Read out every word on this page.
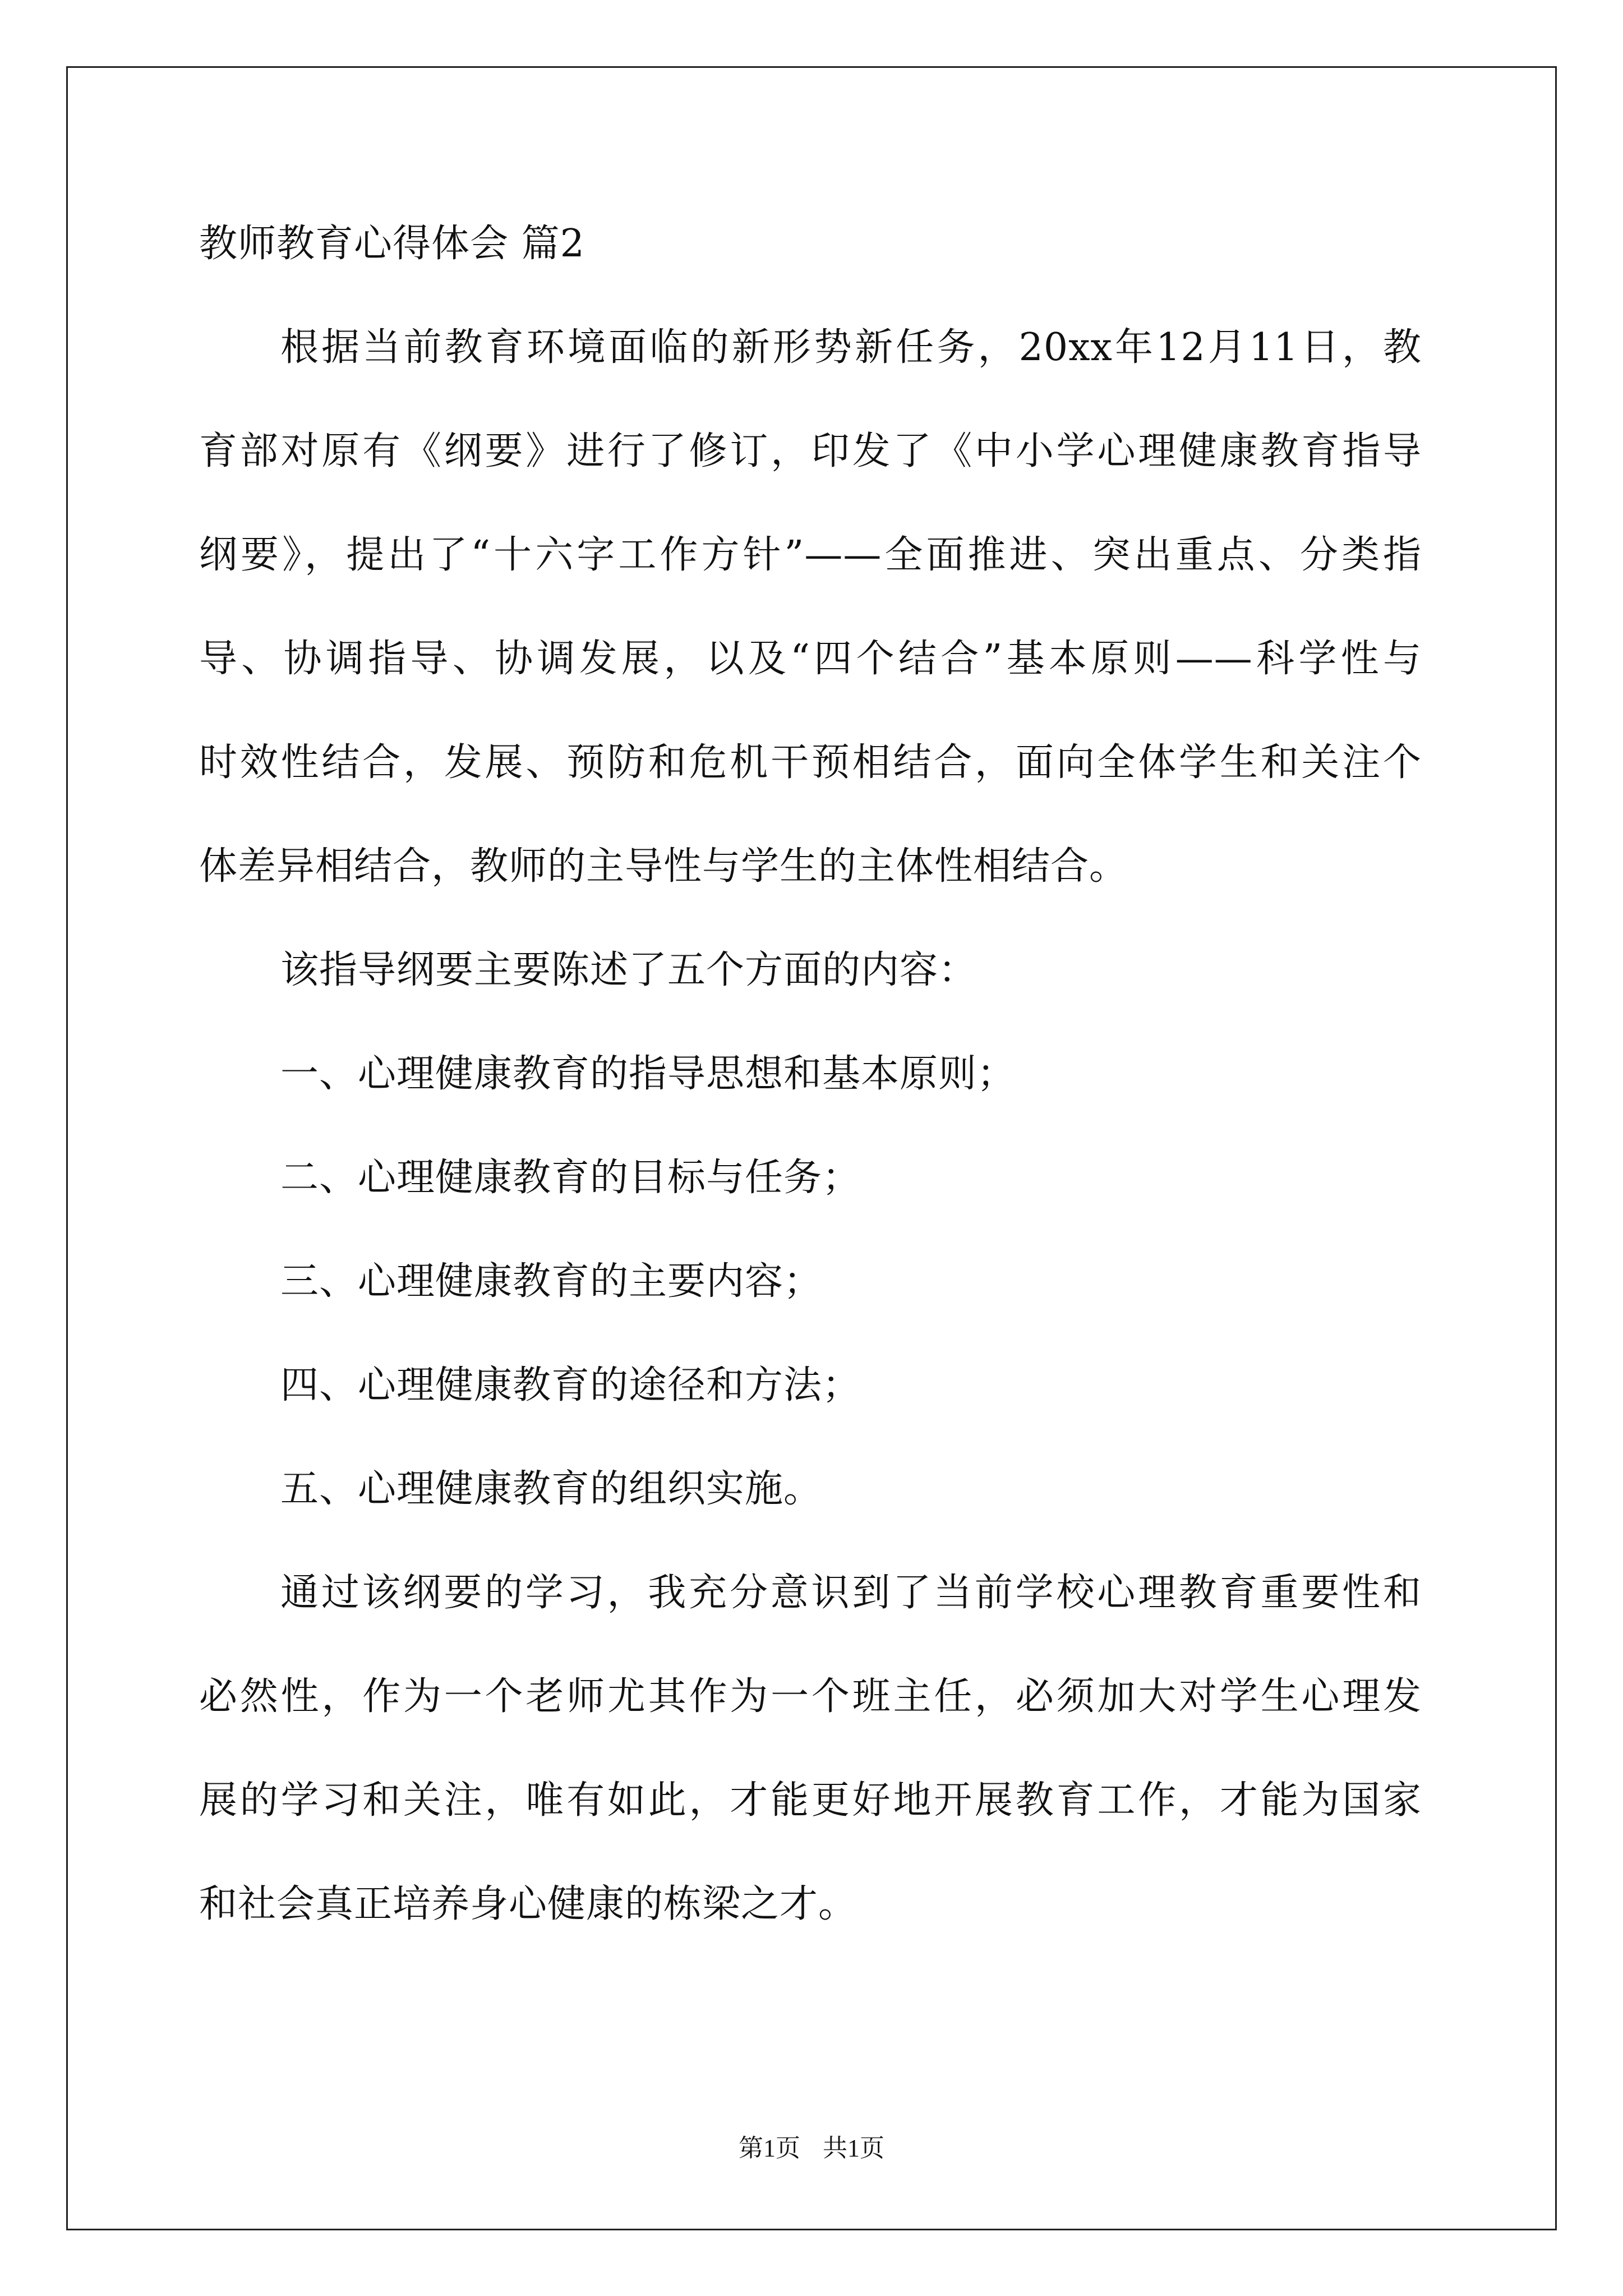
教师教育心得体会 篇2
根据当前教育环境面临的新形势新任务，20xx年12月11日，教
育部对原有《纲要》进行了修订，印发了《中小学心理健康教育指导
纲要》，提出了“十六字工作方针”——全面推进、突出重点、分类指
导、协调指导、协调发展，以及“四个结合”基本原则——科学性与
时效性结合，发展、预防和危机干预相结合，面向全体学生和关注个
体差异相结合，教师的主导性与学生的主体性相结合。
该指导纲要主要陈述了五个方面的内容：
一、心理健康教育的指导思想和基本原则；
二、心理健康教育的目标与任务；
三、心理健康教育的主要内容；
四、心理健康教育的途径和方法；
五、心理健康教育的组织实施。
通过该纲要的学习，我充分意识到了当前学校心理教育重要性和
必然性，作为一个老师尤其作为一个班主任，必须加大对学生心理发
展的学习和关注，唯有如此，才能更好地开展教育工作，才能为国家
和社会真正培养身心健康的栋梁之才。
第1页 共1页
